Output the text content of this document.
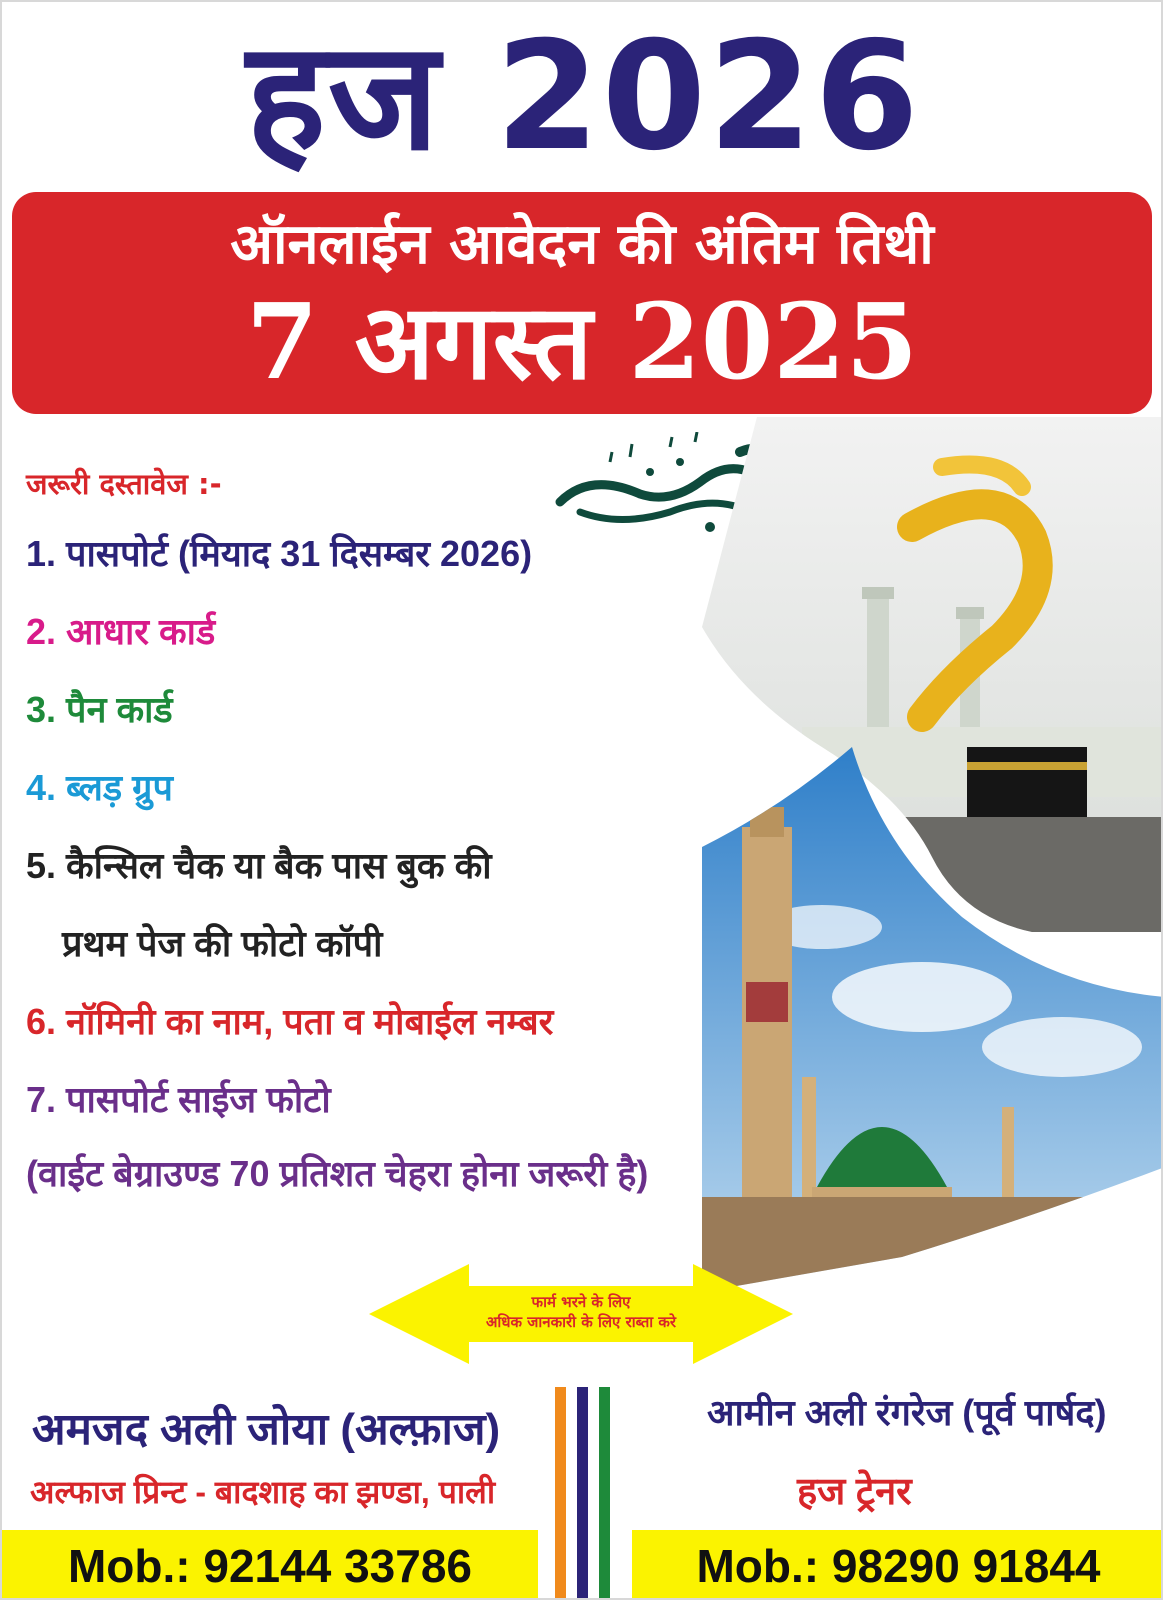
हज 2026
ऑनलाईन आवेदन की अंतिम तिथी
7 अगस्त 2025
जरूरी दस्तावेज :-
1. पासपोर्ट (मियाद 31 दिसम्बर 2026)
2. आधार कार्ड
3. पैन कार्ड
4. ब्लड़ ग्रुप
5. कैन्सिल चैक या बैक पास बुक की
प्रथम पेज की फोटो कॉपी
6. नॉमिनी का नाम, पता व मोबाईल नम्बर
7. पासपोर्ट साईज फोटो
(वाईट बेग्राउण्ड 70 प्रतिशत चेहरा होना जरूरी है)
फार्म भरने के लिए
अधिक जानकारी के लिए राब्ता करे
अमजद अली जोया (अल्फ़ाज)
अल्फाज प्रिन्ट - बादशाह का झण्डा, पाली
आमीन अली रंगरेज (पूर्व पार्षद)
हज ट्रेनर
Mob.: 92144 33786	Mob.: 98290 91844
